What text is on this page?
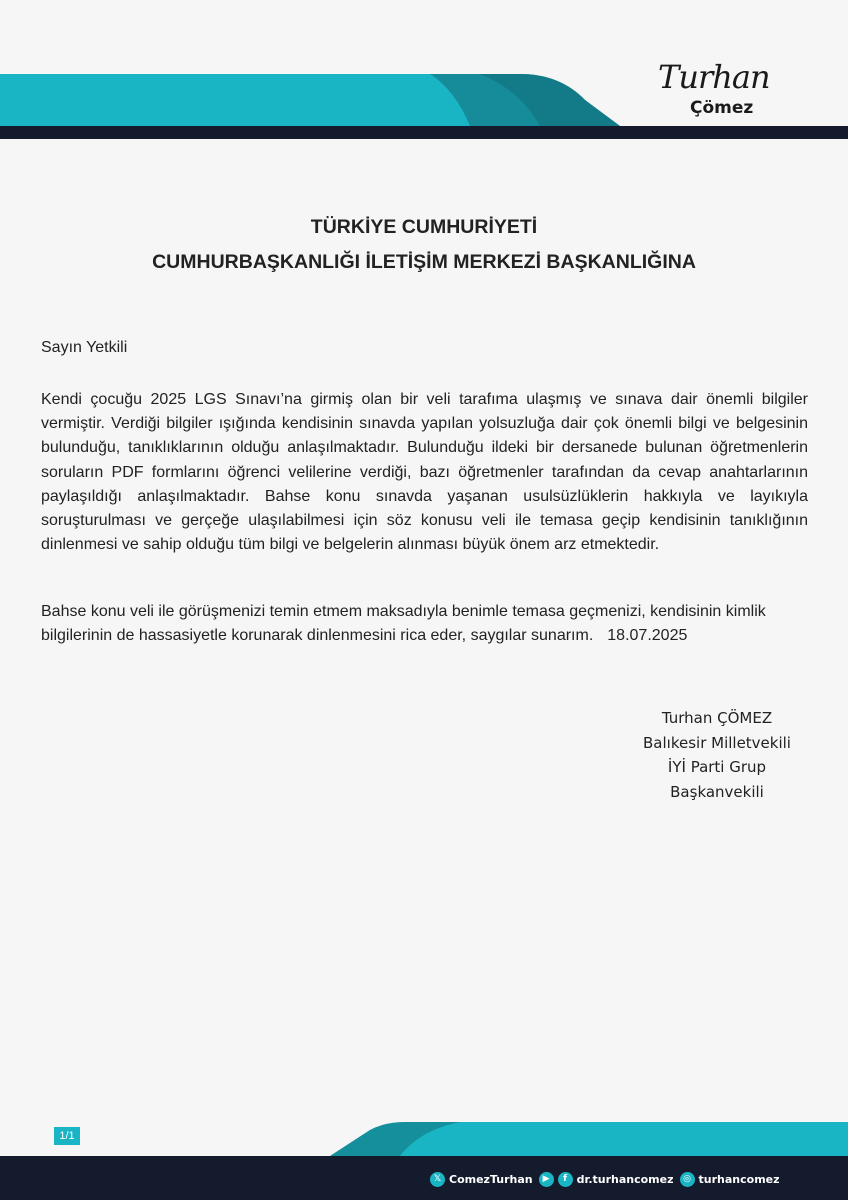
Turhan
Çömez
TÜRKİYE CUMHURİYETİ
CUMHURBAŞKANLIĞI İLETİŞİM MERKEZİ BAŞKANLIĞINA
Sayın Yetkili

Kendi çocuğu 2025 LGS Sınavı’na girmiş olan bir veli tarafıma ulaşmış ve sınava dair önemli bilgiler vermiştir. Verdiği bilgiler ışığında kendisinin sınavda yapılan yolsuzluğa dair çok önemli bilgi ve belgesinin bulunduğu, tanıklıklarının olduğu anlaşılmaktadır. Bulunduğu ildeki bir dersanede bulunan öğretmenlerin soruların PDF formlarını öğrenci velilerine verdiği, bazı öğretmenler tarafından da cevap anahtarlarının paylaşıldığı anlaşılmaktadır. Bahse konu sınavda yaşanan usulsüzlüklerin hakkıyla ve layıkıyla soruşturulması ve gerçeğe ulaşılabilmesi için söz konusu veli ile temasa geçip kendisinin tanıklığının dinlenmesi ve sahip olduğu tüm bilgi ve belgelerin alınması büyük önem arz etmektedir.

Bahse konu veli ile görüşmenizi temin etmem maksadıyla benimle temasa geçmenizi, kendisinin kimlik bilgilerinin de hassasiyetle korunarak dinlenmesini rica eder, saygılar sunarım. 18.07.2025

Turhan ÇÖMEZ
Balıkesir Milletvekili
İYİ Parti Grup Başkanvekili
1/1
𝕏 ComezTurhan	▶	f dr.turhancomez	◎ turhancomez
